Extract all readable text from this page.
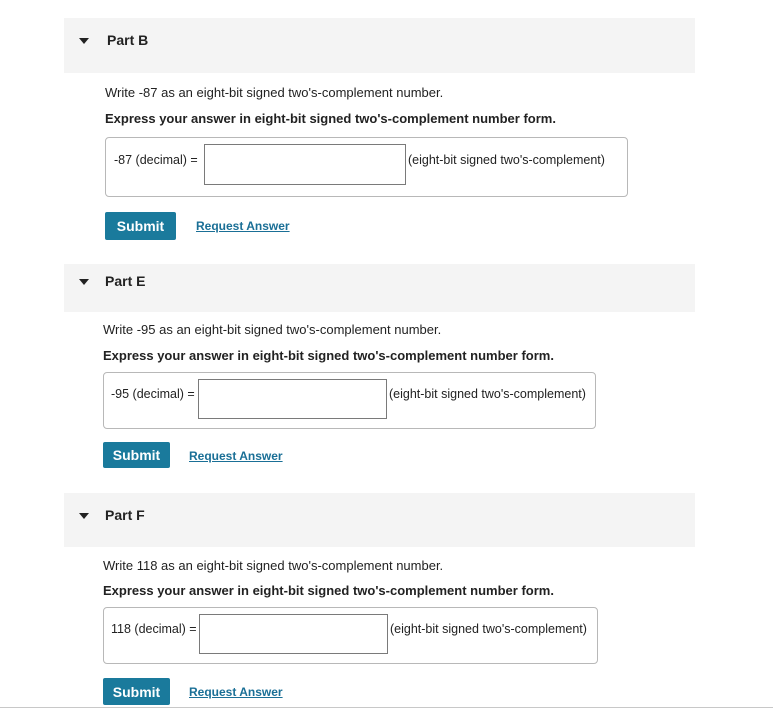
Part B
Write -87 as an eight-bit signed two's-complement number.
Express your answer in eight-bit signed two's-complement number form.
-87 (decimal) =	(eight-bit signed two's-complement)
Submit	Request Answer
Part E
Write -95 as an eight-bit signed two's-complement number.
Express your answer in eight-bit signed two's-complement number form.
-95 (decimal) =	(eight-bit signed two's-complement)
Submit	Request Answer
Part F
Write 118 as an eight-bit signed two's-complement number.
Express your answer in eight-bit signed two's-complement number form.
118 (decimal) =	(eight-bit signed two's-complement)
Submit	Request Answer
